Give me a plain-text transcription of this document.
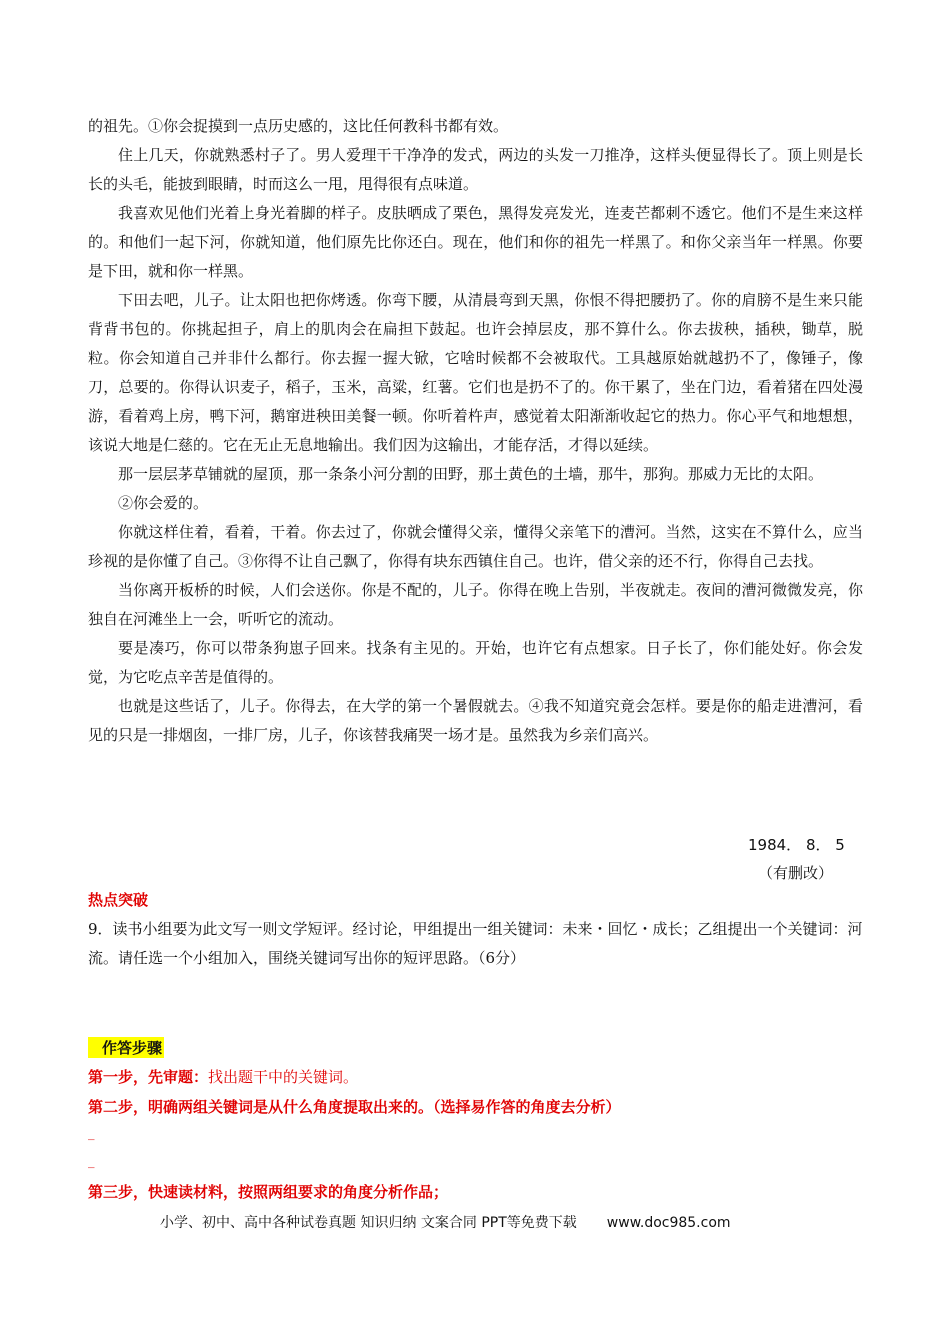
的祖先。①你会捉摸到一点历史感的，这比任何教科书都有效。

住上几天，你就熟悉村子了。男人爱理干干净净的发式，两边的头发一刀推净，这样头便显得长了。顶上则是长长的头毛，能披到眼睛，时而这么一甩，甩得很有点味道。

我喜欢见他们光着上身光着脚的样子。皮肤晒成了栗色，黑得发亮发光，连麦芒都刺不透它。他们不是生来这样的。和他们一起下河，你就知道，他们原先比你还白。现在，他们和你的祖先一样黑了。和你父亲当年一样黑。你要是下田，就和你一样黑。

下田去吧，儿子。让太阳也把你烤透。你弯下腰，从清晨弯到天黑，你恨不得把腰扔了。你的肩膀不是生来只能背背书包的。你挑起担子，肩上的肌肉会在扁担下鼓起。也许会掉层皮，那不算什么。你去拔秧，插秧，锄草，脱粒。你会知道自己并非什么都行。你去握一握大锨，它啥时候都不会被取代。工具越原始就越扔不了，像锤子，像刀，总要的。你得认识麦子，稻子，玉米，高粱，红薯。它们也是扔不了的。你干累了，坐在门边，看着猪在四处漫游，看着鸡上房，鸭下河，鹅窜进秧田美餐一顿。你听着杵声，感觉着太阳渐渐收起它的热力。你心平气和地想想，该说大地是仁慈的。它在无止无息地输出。我们因为这输出，才能存活，才得以延续。

那一层层茅草铺就的屋顶，那一条条小河分割的田野，那土黄色的土墙，那牛，那狗。那威力无比的太阳。

②你会爱的。

你就这样住着，看着，干着。你去过了，你就会懂得父亲，懂得父亲笔下的漕河。当然，这实在不算什么，应当珍视的是你懂了自己。③你得不让自己飘了，你得有块东西镇住自己。也许，借父亲的还不行，你得自己去找。

当你离开板桥的时候，人们会送你。你是不配的，儿子。你得在晚上告别，半夜就走。夜间的漕河微微发亮，你独自在河滩坐上一会，听听它的流动。

要是凑巧，你可以带条狗崽子回来。找条有主见的。开始，也许它有点想家。日子长了，你们能处好。你会发觉，为它吃点辛苦是值得的。

也就是这些话了，儿子。你得去，在大学的第一个暑假就去。④我不知道究竟会怎样。要是你的船走进漕河，看见的只是一排烟囱，一排厂房，儿子，你该替我痛哭一场才是。虽然我为乡亲们高兴。

1984． 8． 5
（有删改）
热点突破

9．读书小组要为此文写一则文学短评。经讨论，甲组提出一组关键词：未来・回忆・成长；乙组提出一个关键词：河流。请任选一个小组加入，围绕关键词写出你的短评思路。（6分）

作答步骤
第一步，先审题：找出题干中的关键词。
第二步，明确两组关键词是从什么角度提取出来的。（选择易作答的角度去分析）
_
_
第三步，快速读材料，按照两组要求的角度分析作品；
小学、初中、高中各种试卷真题 知识归纳 文案合同 PPT等免费下载 www.doc985.com
